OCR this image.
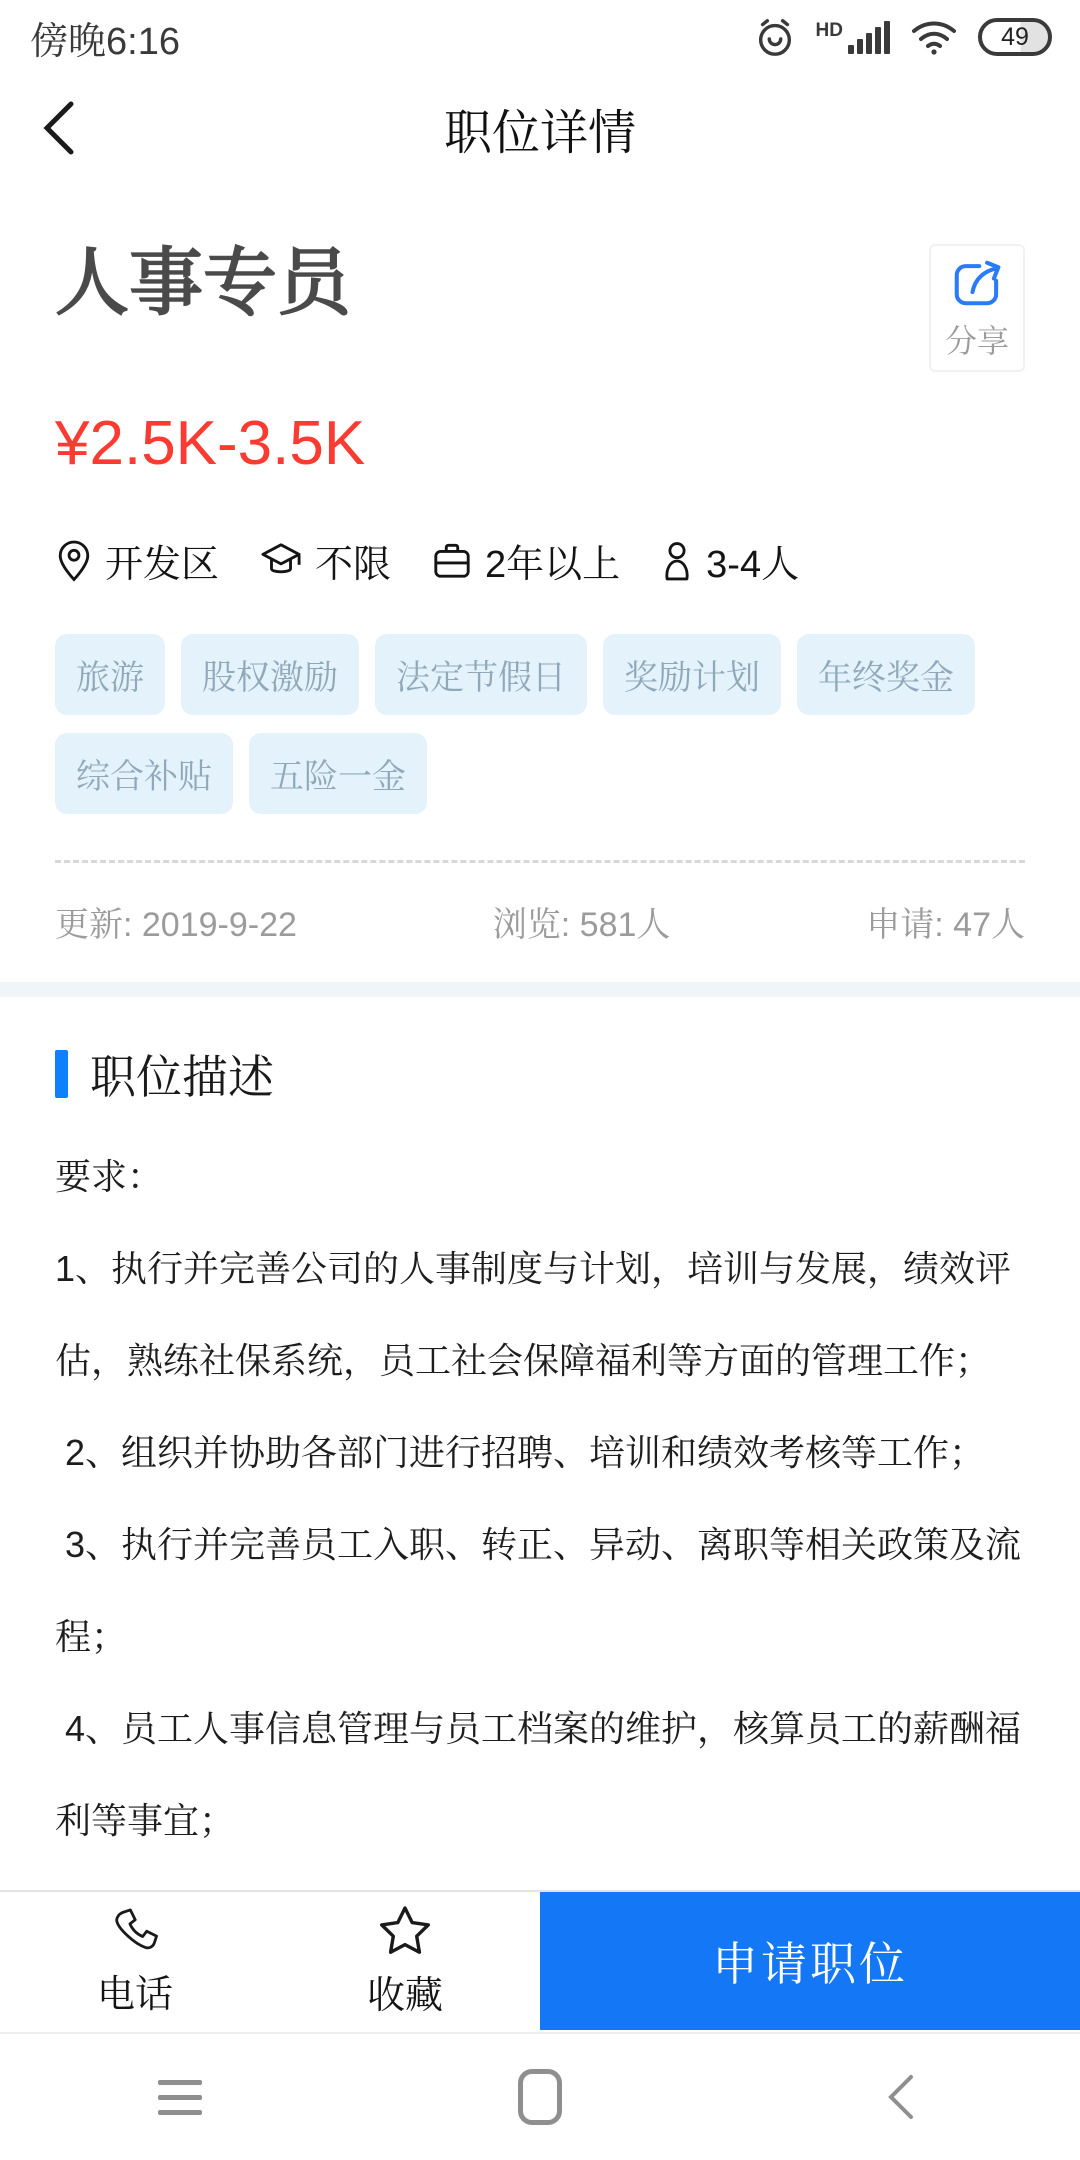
傍晚6:16	HD	49
职位详情
人事专员
分享
¥2.5K-3.5K
开发区	不限 2年以上 3-4人
旅游	股权激励	法定节假日	奖励计划	年终奖金
综合补贴	五险一金
更新: 2019-9-22	浏览: 581人	申请: 47人
职位描述

要求：

1、执行并完善公司的人事制度与计划，培训与发展，绩效评估，熟练社保系统，员工社会保障福利等方面的管理工作；

2、组织并协助各部门进行招聘、培训和绩效考核等工作；

3、执行并完善员工入职、转正、异动、离职等相关政策及流程；

4、员工人事信息管理与员工档案的维护，核算员工的薪酬福利等事宜；

电话	收藏
申请职位
